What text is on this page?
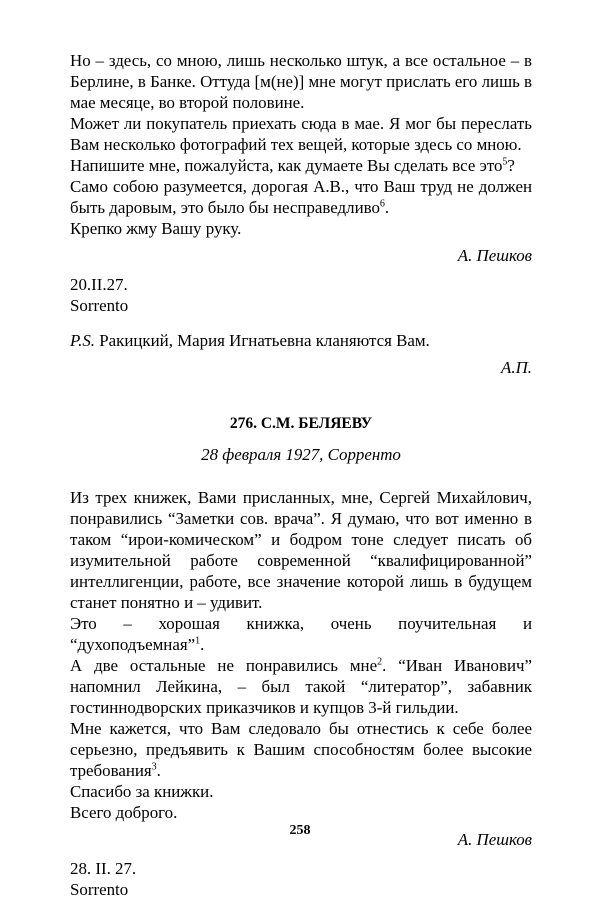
Но – здесь, со мною, лишь несколько штук, а все остальное – в Берлине, в Банке. Оттуда [м(не)] мне могут прислать его лишь в мае месяце, во второй половине.

Может ли покупатель приехать сюда в мае. Я мог бы переслать Вам несколько фотографий тех вещей, которые здесь со мною.

Напишите мне, пожалуйста, как думаете Вы сделать все это$^5$?

Само собою разумеется, дорогая А.В., что Ваш труд не должен быть даровым, это было бы несправедливо$^6$.

Крепко жму Вашу руку.

А. Пешков

20.II.27.

Sorrento

P.S. Ракицкий, Мария Игнатьевна кланяются Вам.

А.П.

276. С.М. БЕЛЯЕВУ

28 февраля 1927, Сорренто

Из трех книжек, Вами присланных, мне, Сергей Михайлович, понравились “Заметки сов. врача”. Я думаю, что вот именно в таком “ирои-комическом” и бодром тоне следует писать об изумительной работе современной “квалифицированной” интеллигенции, работе, все значение которой лишь в будущем станет понятно и – удивит.

Это – хорошая книжка, очень поучительная и “духоподъемная”$^1$.

А две остальные не понравились мне$^2$. “Иван Иванович” напомнил Лейкина, – был такой “литератор”, забавник гостиннодворских приказчиков и купцов 3-й гильдии.

Мне кажется, что Вам следовало бы отнестись к себе более серьезно, предъявить к Вашим способностям более высокие требования$^3$.

Спасибо за книжки.

Всего доброго.

А. Пешков

28. II. 27.

Sorrento

258
